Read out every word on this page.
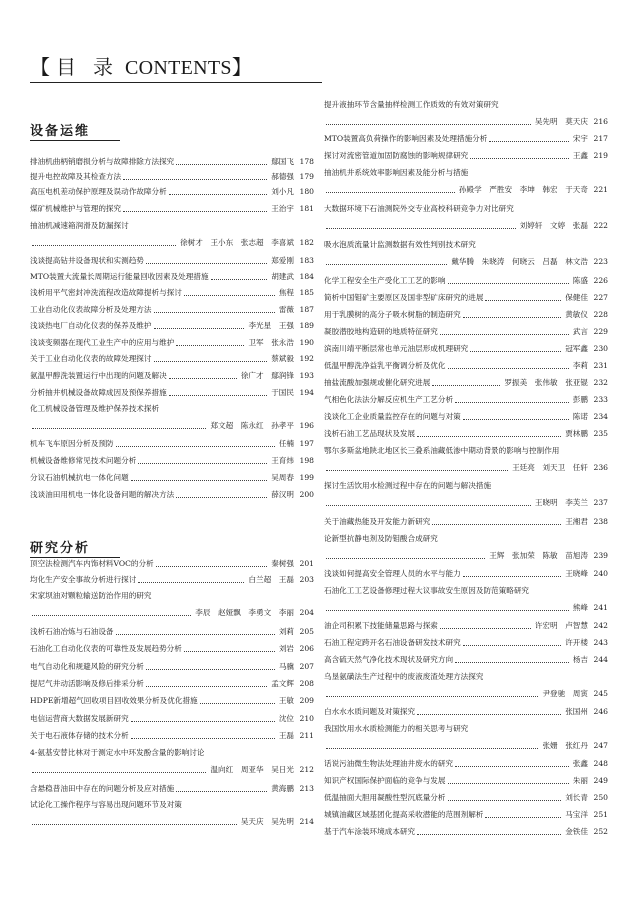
【目 录 CONTENTS】
设备运维
研究分析
排油机曲柄销磨损分析与故障排除方法探究	鄢国飞 178
提升电控故障及其检查方法	郝德强 179
高压电机差动保护原理及误动作故障分析	刘小凡 180
煤矿机械维护与管理的探究	王治宇 181
抽油机减速箱润滑及防漏探讨
徐树才　王小东　张志超　李喜斌 182
浅谈提高钻井设备现状和实测趋势	郑爱刚 183
MTO装置大流量长周期运行能量回收因素及处理措施	胡建武 184
浅析用平气密封冲洗流程改造故障提析与探讨	焦程 185
工业自动化仪表故障分析及处理方法	雷薇 187
浅谈热电厂自动化仪表的保养及维护	李光星　王强 189
浅谈变频器在现代工业生产中的应用与维护	卫军　张永浩 190
关于工业自动化仪表的故障处理探讨	蔡斌毅 192
氨温甲醇洗装置运行中出现的问题及解决	徐广才　鄢润锋 193
分析抽井机械设备故障成因及预保养措施	于国民 194
化工机械设备管理及维护保养技术探析
郑文超　陈永红　孙孝平 196
机车飞车原因分析及预防	任楠 197
机械设备维修常见技术问题分析	王育炜 198
分议石油机械抗电一体化问题	吴周春 199
浅谈油田用机电一体化设备问题的解决方法	薛汉明 200
顶空法检测汽车内饰材料VOC的分析	秦树强 201
均化生产安全事故分析进行探讨	白兰超　王磊 203
宋家坝油对颗粒输送防治作用的研究
李辰　赵娅飘　李勇文　李丽 204
浅析石油冶炼与石油设备	刘莉 205
石油化工自动化仪表的可靠性及发展趋势分析	刘岩 206
电气自动化和规避风险的研究分析	马骥 207
提尼气井动活影响及修后排采分析	孟文辉 208
HDPE新增超气回收项目回收效果分析及优化措施	王敏 209
电信运营商大数据发展新研究	沈位 210
关于电石液体存储的技术分析	王磊 211
4-氨基安替比林对于测定水中环发酚含量的影响讨论
温向红　周亚华　吴日光 212
含悬稳普油田中存在的问题分析及应对措施	黄海鹏 213
试论化工操作程序与容易出现问题环节及对策
吴天庆　吴先明 214
提升液抽环节含量抽样检测工作质效的有效对策研究
吴先明　莫天庆 216
MTO装置高负荷操作的影响因素及处理措施分析	宋宇 217
探讨对流密管道加固防腐蚀的影响规律研究	王鑫 219
抽油机井系统效率影响因素及能分析与措施
孙殿学　严胜安　李坤　韩宏　于天奇 221
大数据环境下石油测院外交专业高校科研竞争力对比研究
刘婷轩　文婷　张磊 222
吸水泡质流量计监测数据有效性判别技术研究
戴华腾　朱晓涛　何晓云　吕磊　林文浩 223
化学工程安全生产受化工工艺的影响	陈盛 226
简析中国钼矿主要原区及国非型矿床研究的进展	保健佳 227
用于乳膜树的高分子吸水树脂的制造研究	黄敏仪 228
凝胶潜胶地构造研的地质特征研究	武言 229
滨南川靖平断层常也单元油层形成机理研究	冠军鑫 230
低温甲醇洗净益乳平衡调分析及优化	李莉 231
抽盐流酸加强规或催化研究进展	罗振美　张伟敏　张亚锟 232
气相色化法法分解反应机生产工艺分析	彭鹏 233
浅谈化工企业质量监控存在的问题与对策	陈诺 234
浅析石油工艺品现状及发展	贾林鹏 235
鄂尔多斯盆地陕北地区长三叠系油藏低渗中期动背景的影响与控制作用
王廷亮　刘天卫　任轩 236
探讨生活饮用水检测过程中存在的问题与解决措施
王晓明　李芙兰 237
关于油藏热能及开发能力新研究	王湘君 238
论新型抗静电剂及防钼酸合成研究
王辉　张加荣　陈敏　苗旭涛 239
浅谈如何提高安全管理人员的水平与能力	王晓峰 240
石油化工工艺设备修理过程大议事故安生原因及防范策略研究
熊峰 241
油企司积累下技能储量思路与探索	许宏明　卢智慧 242
石油工程定跨开名石油设备研发技术研究	许开楼 243
高含硫天然气净化技术现状及研究方向	杨吉 244
乌垦氨磺法生产过程中的废液废渣处理方法探究
尹登驰　周寅 245
白水水水质问题及对策探究	张国州 246
我国饮用水水质检测能力的相关思考与研究
张姗　张红丹 247
话说污油微生物法处理油井废水的研究	张鑫 248
知识产权国际保护面临的竞争与发展	朱丽 249
低温抽面大胆用凝酸性型沉底量分析	刘长青 250
城镇油藏区域基团化提高采收潜能的范围剂解析	马宝洋 251
基于汽车涂装环境成本研究	金铁佳 252
